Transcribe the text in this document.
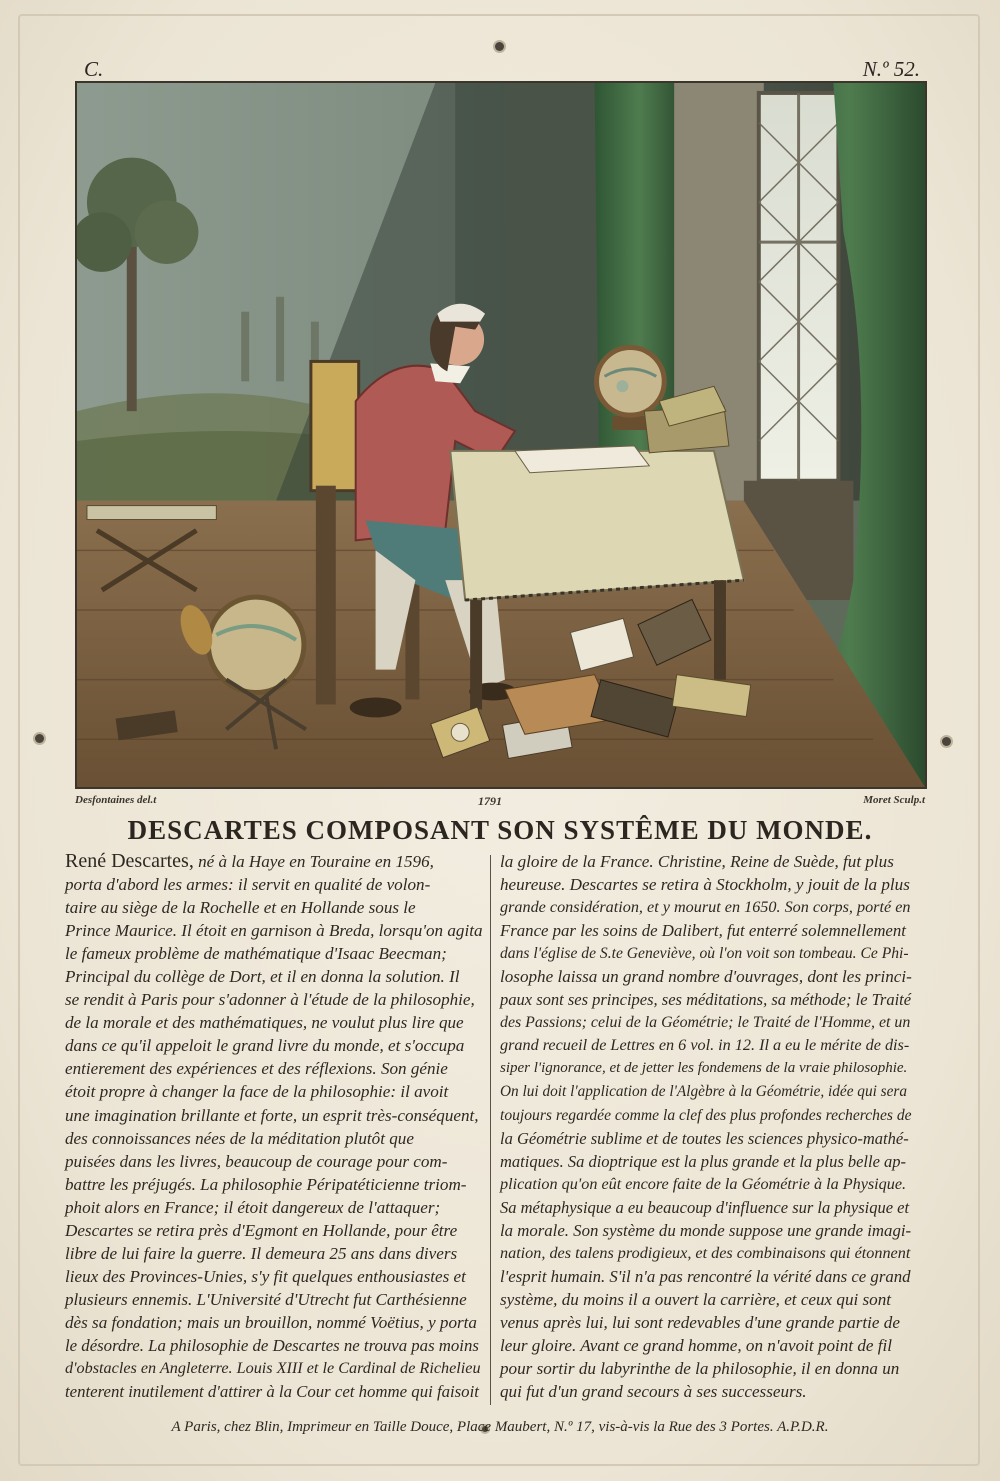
C.	N.º 52.
Desfontaines del.t	1791	Moret Sculp.t
DESCARTES COMPOSANT SON SYSTÊME DU MONDE.
René Descartes, né à la Haye en Touraine en 1596,
porta d'abord les armes: il servit en qualité de volon-
taire au siège de la Rochelle et en Hollande sous le
Prince Maurice. Il étoit en garnison à Breda, lorsqu'on agita
le fameux problème de mathématique d'Isaac Beecman;
Principal du collège de Dort, et il en donna la solution. Il
se rendit à Paris pour s'adonner à l'étude de la philosophie,
de la morale et des mathématiques, ne voulut plus lire que
dans ce qu'il appeloit le grand livre du monde, et s'occupa
entierement des expériences et des réflexions. Son génie
étoit propre à changer la face de la philosophie: il avoit
une imagination brillante et forte, un esprit très-conséquent,
des connoissances nées de la méditation plutôt que
puisées dans les livres, beaucoup de courage pour com-
battre les préjugés. La philosophie Péripatéticienne triom-
phoit alors en France; il étoit dangereux de l'attaquer;
Descartes se retira près d'Egmont en Hollande, pour être
libre de lui faire la guerre. Il demeura 25 ans dans divers
lieux des Provinces-Unies, s'y fit quelques enthousiastes et
plusieurs ennemis. L'Université d'Utrecht fut Carthésienne
dès sa fondation; mais un brouillon, nommé Voëtius, y porta
le désordre. La philosophie de Descartes ne trouva pas moins
d'obstacles en Angleterre. Louis XIII et le Cardinal de Richelieu
tenterent inutilement d'attirer à la Cour cet homme qui faisoit
la gloire de la France. Christine, Reine de Suède, fut plus
heureuse. Descartes se retira à Stockholm, y jouit de la plus
grande considération, et y mourut en 1650. Son corps, porté en
France par les soins de Dalibert, fut enterré solemnellement
dans l'église de S.te Geneviève, où l'on voit son tombeau. Ce Phi-
losophe laissa un grand nombre d'ouvrages, dont les princi-
paux sont ses principes, ses méditations, sa méthode; le Traité
des Passions; celui de la Géométrie; le Traité de l'Homme, et un
grand recueil de Lettres en 6 vol. in 12. Il a eu le mérite de dis-
siper l'ignorance, et de jetter les fondemens de la vraie philosophie.
On lui doit l'application de l'Algèbre à la Géométrie, idée qui sera
toujours regardée comme la clef des plus profondes recherches de
la Géométrie sublime et de toutes les sciences physico-mathé-
matiques. Sa dioptrique est la plus grande et la plus belle ap-
plication qu'on eût encore faite de la Géométrie à la Physique.
Sa métaphysique a eu beaucoup d'influence sur la physique et
la morale. Son système du monde suppose une grande imagi-
nation, des talens prodigieux, et des combinaisons qui étonnent
l'esprit humain. S'il n'a pas rencontré la vérité dans ce grand
système, du moins il a ouvert la carrière, et ceux qui sont
venus après lui, lui sont redevables d'une grande partie de
leur gloire. Avant ce grand homme, on n'avoit point de fil
pour sortir du labyrinthe de la philosophie, il en donna un
qui fut d'un grand secours à ses successeurs.
A Paris, chez Blin, Imprimeur en Taille Douce, Place Maubert, N.º 17, vis-à-vis la Rue des 3 Portes. A.P.D.R.
